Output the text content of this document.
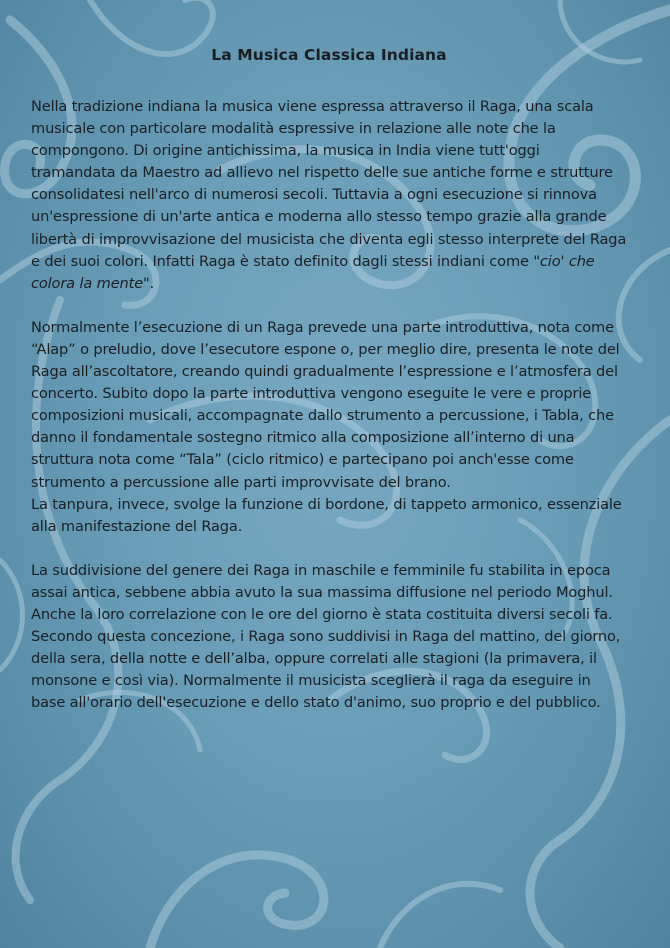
La Musica Classica Indiana

Nella tradizione indiana la musica viene espressa attraverso il Raga, una scala musicale con particolare modalità espressive in relazione alle note che la compongono. Di origine antichissima, la musica in India viene tutt'oggi tramandata da Maestro ad allievo nel rispetto delle sue antiche forme e strutture consolidatesi nell'arco di numerosi secoli. Tuttavia a ogni esecuzione si rinnova un'espressione di un'arte antica e moderna allo stesso tempo grazie alla grande libertà di improvvisazione del musicista che diventa egli stesso interprete del Raga e dei suoi colori. Infatti Raga è stato definito dagli stessi indiani come "cio' che colora la mente".

Normalmente l’esecuzione di un Raga prevede una parte introduttiva, nota come “Alap” o preludio, dove l’esecutore espone o, per meglio dire, presenta le note del Raga all’ascoltatore, creando quindi gradualmente l’espressione e l’atmosfera del concerto. Subito dopo la parte introduttiva vengono eseguite le vere e proprie composizioni musicali, accompagnate dallo strumento a percussione, i Tabla, che danno il fondamentale sostegno ritmico alla composizione all’interno di una struttura nota come “Tala” (ciclo ritmico) e partecipano poi anch'esse come strumento a percussione alle parti improvvisate del brano.

La tanpura, invece, svolge la funzione di bordone, di tappeto armonico, essenziale alla manifestazione del Raga.

La suddivisione del genere dei Raga in maschile e femminile fu stabilita in epoca assai antica, sebbene abbia avuto la sua massima diffusione nel periodo Moghul. Anche la loro correlazione con le ore del giorno è stata costituita diversi secoli fa. Secondo questa concezione, i Raga sono suddivisi in Raga del mattino, del giorno, della sera, della notte e dell’alba, oppure correlati alle stagioni (la primavera, il monsone e così via). Normalmente il musicista sceglierà il raga da eseguire in base all'orario dell'esecuzione e dello stato d'animo, suo proprio e del pubblico.
